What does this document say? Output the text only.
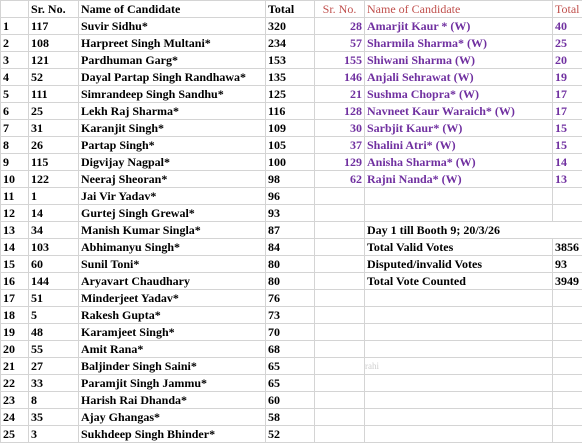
	Sr. No.	Name of Candidate	Total	Sr. No.	Name of Candidate	Total
1	117	Suvir Sidhu*	320	28	Amarjit Kaur * (W)	40
2	108	Harpreet Singh Multani*	234	57	Sharmila Sharma* (W)	25
3	121	Pardhuman Garg*	153	155	Shiwani Sharma (W)	20
4	52	Dayal Partap Singh Randhawa*	135	146	Anjali Sehrawat (W)	19
5	111	Simrandeep Singh Sandhu*	125	21	Sushma Chopra* (W)	17
6	25	Lekh Raj Sharma*	116	128	Navneet Kaur Waraich* (W)	17
7	31	Karanjit Singh*	109	30	Sarbjit Kaur* (W)	15
8	26	Partap Singh*	105	37	Shalini Atri* (W)	15
9	115	Digvijay Nagpal*	100	129	Anisha Sharma* (W)	14
10	122	Neeraj Sheoran*	98	62	Rajni Nanda* (W)	13
11	1	Jai Vir Yadav*	96			
12	14	Gurtej Singh Grewal*	93			
13	34	Manish Kumar Singla*	87		Day 1 till Booth 9; 20/3/26	
14	103	Abhimanyu Singh*	84		Total Valid Votes	3856
15	60	Sunil Toni*	80		Disputed/invalid Votes	93
16	144	Aryavart Chaudhary	80		Total Vote Counted	3949
17	51	Minderjeet Yadav*	76			
18	5	Rakesh Gupta*	73			
19	48	Karamjeet Singh*	70			
20	55	Amit Rana*	68			
21	27	Baljinder Singh Saini*	65		rahi	
22	33	Paramjit Singh Jammu*	65			
23	8	Harish Rai Dhanda*	60			
24	35	Ajay Ghangas*	58			
25	3	Sukhdeep Singh Bhinder*	52			
